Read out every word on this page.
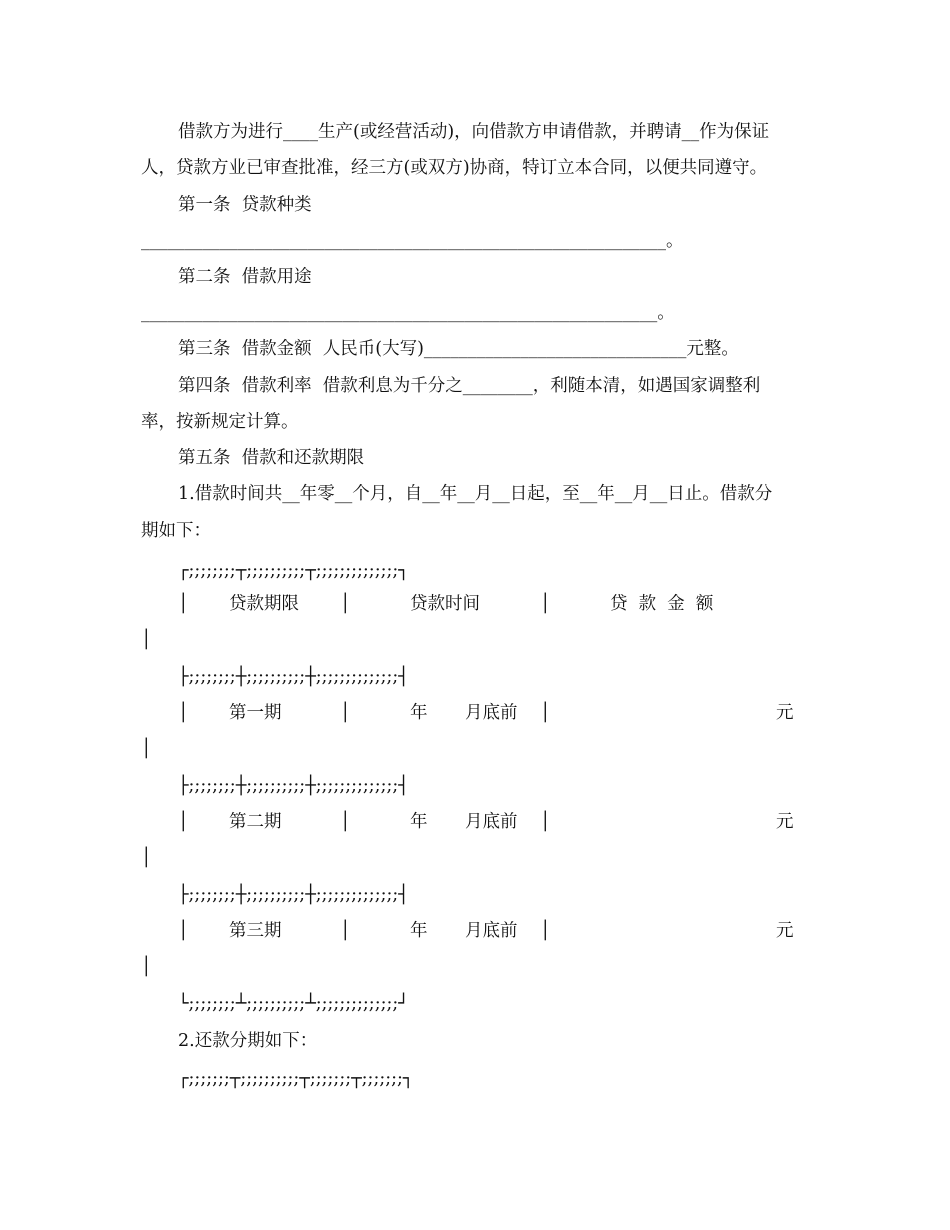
借款方为进行____生产(或经营活动)，向借款方申请借款，并聘请__作为保证
人，贷款方业已审查批准，经三方(或双方)协商，特订立本合同，以便共同遵守。
第一条  贷款种类
____________________________________________________________。
第二条  借款用途
___________________________________________________________。
第三条  借款金额  人民币(大写)______________________________元整。
第四条  借款利率  借款利息为千分之________，利随本清，如遇国家调整利
率，按新规定计算。
第五条  借款和还款期限
1.借款时间共__年零__个月，自__年__月__日起，至__年__月__日止。借款分
期如下：
┌;;;;;;;;┬;;;;;;;;;;┬;;;;;;;;;;;;;;┐
│ 贷款期限 │	贷款时间	│	贷  款  金  额
│
├;;;;;;;;┼;;;;;;;;;;┼;;;;;;;;;;;;;;┤
│ 第一期	│	年 月底前 │	元
│
├;;;;;;;;┼;;;;;;;;;;┼;;;;;;;;;;;;;;┤
│ 第二期	│	年 月底前 │	元
│
├;;;;;;;;┼;;;;;;;;;;┼;;;;;;;;;;;;;;┤
│ 第三期	│	年 月底前 │	元
│
└;;;;;;;;┴;;;;;;;;;;┴;;;;;;;;;;;;;;┘
2.还款分期如下：
┌;;;;;;;┬;;;;;;;;;;┬;;;;;;;┬;;;;;;;┐
